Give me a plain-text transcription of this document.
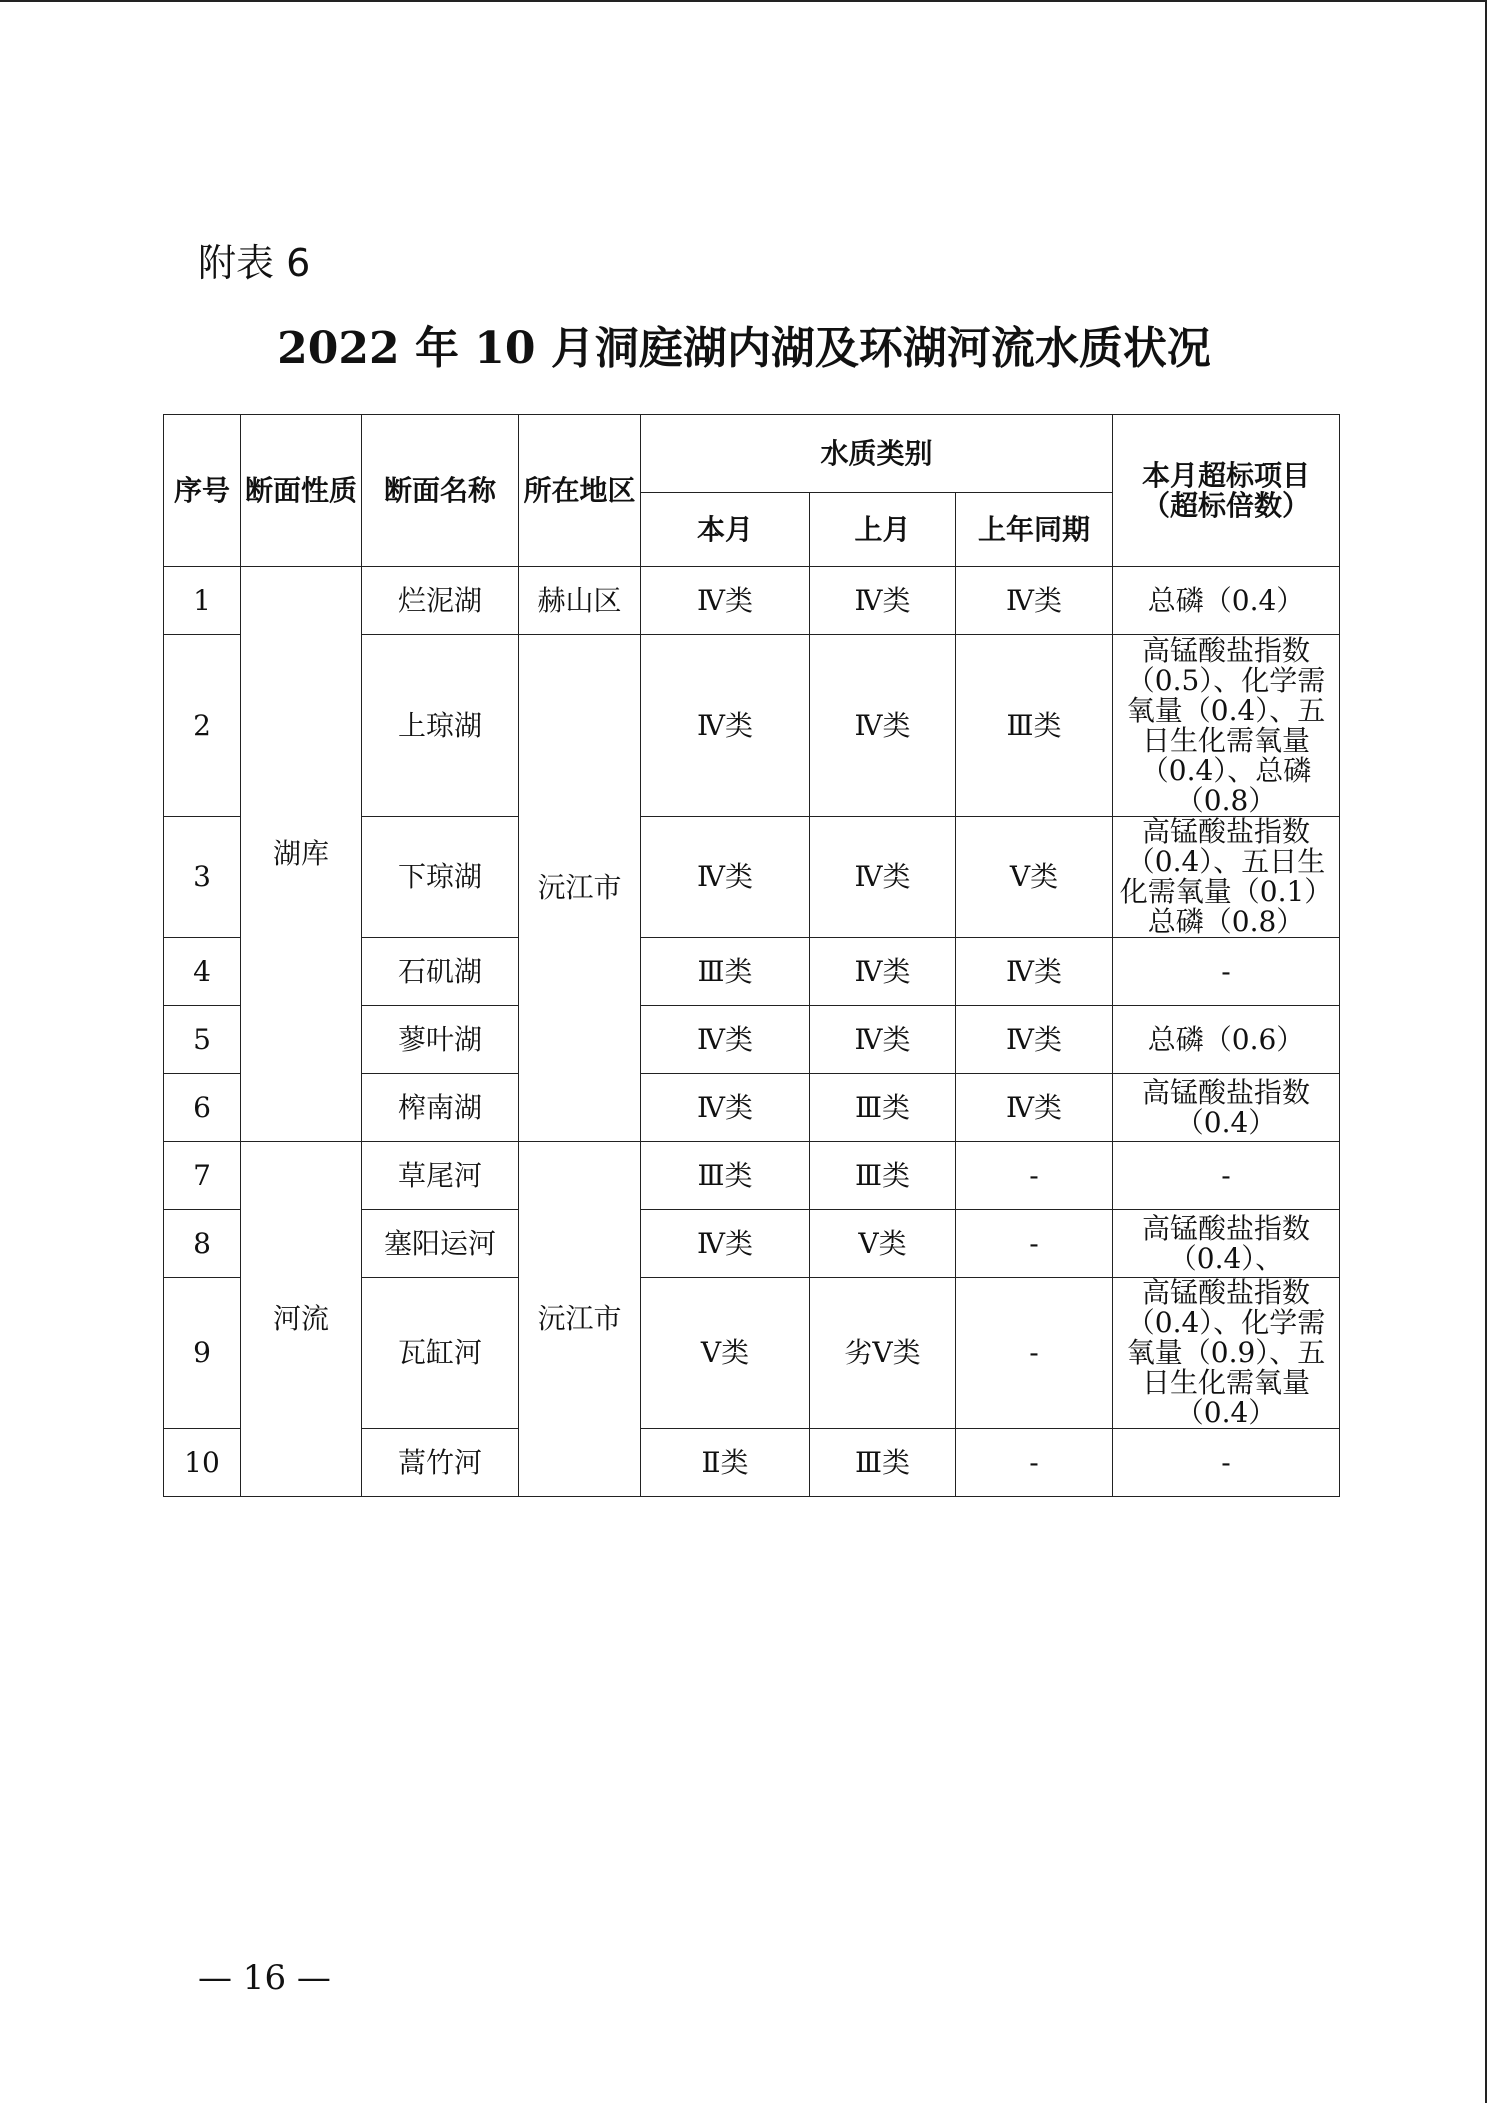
附表 6
2022 年 10 月洞庭湖内湖及环湖河流水质状况
序号	断面性质	断面名称	所在地区	水质类别			本月超标项目（超标倍数）
				本月	上月	上年同期	
1	湖库	烂泥湖	赫山区	Ⅳ类	Ⅳ类	Ⅳ类	总磷（0.4）
2		上琼湖	沅江市	Ⅳ类	Ⅳ类	Ⅲ类	高锰酸盐指数（0.5）、化学需氧量（0.4）、五日生化需氧量（0.4）、总磷（0.8）
3		下琼湖		Ⅳ类	Ⅳ类	Ⅴ类	高锰酸盐指数（0.4）、五日生化需氧量（0.1）总磷（0.8）
4		石矶湖		Ⅲ类	Ⅳ类	Ⅳ类	-
5		蓼叶湖		Ⅳ类	Ⅳ类	Ⅳ类	总磷（0.6）
6		榨南湖		Ⅳ类	Ⅲ类	Ⅳ类	高锰酸盐指数（0.4）
7	河流	草尾河	沅江市	Ⅲ类	Ⅲ类	-	-
8		塞阳运河		Ⅳ类	Ⅴ类	-	高锰酸盐指数（0.4）、
9		瓦缸河		Ⅴ类	劣Ⅴ类	-	高锰酸盐指数（0.4）、化学需氧量（0.9）、五日生化需氧量（0.4）
10		蒿竹河		Ⅱ类	Ⅲ类	-	-
— 16 —
